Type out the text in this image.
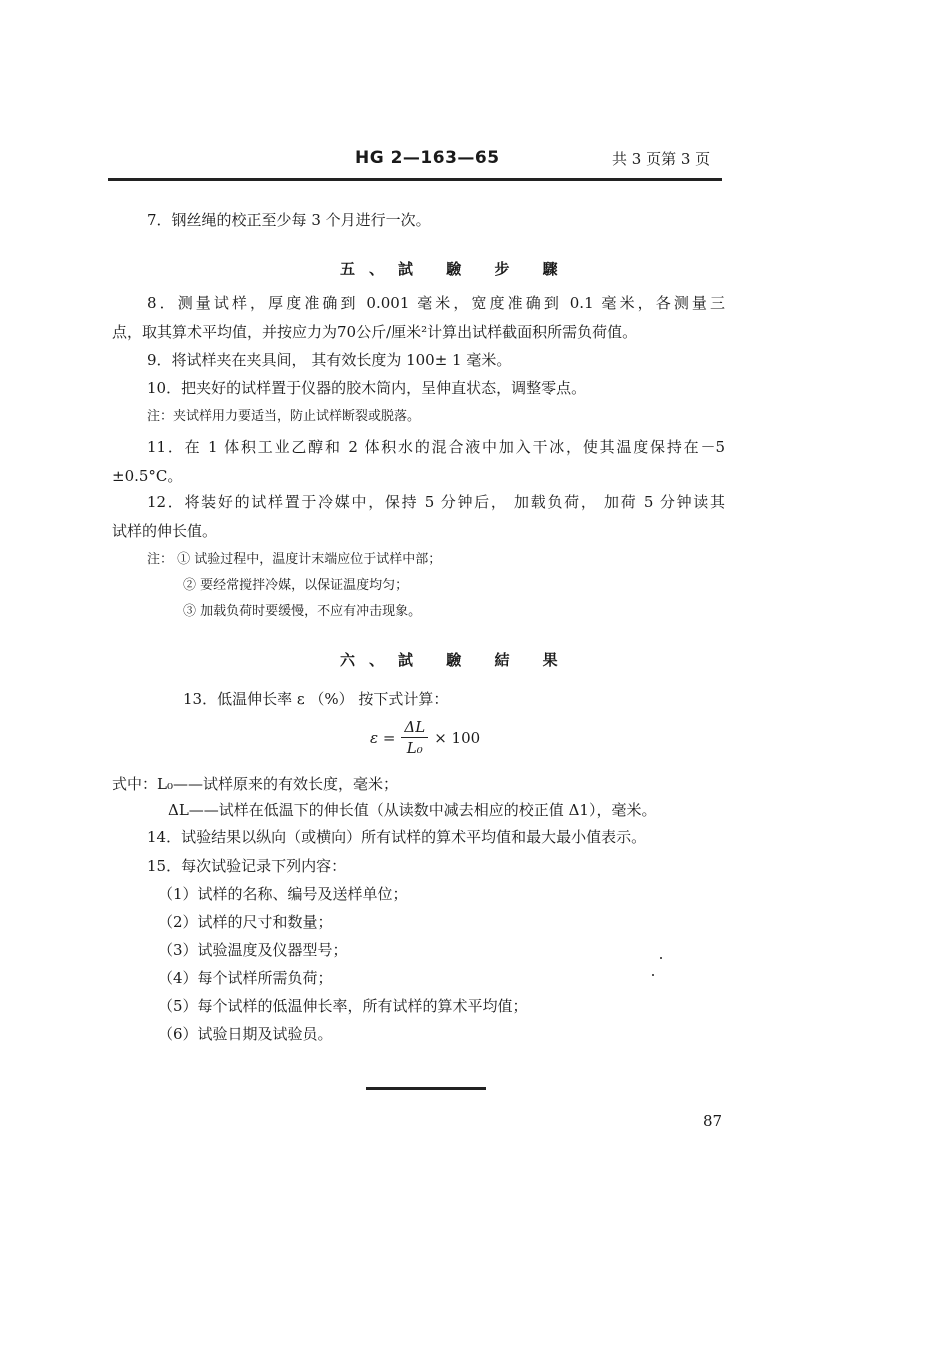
HG 2—163—65	共 3 页第 3 页
7．钢丝绳的校正至少每 3 个月进行一次。
五、試 驗 步 驟
8．测量试样，厚度准确到 0.001 毫米，宽度准确到 0.1 毫米，各测量三
点，取其算术平均值，并按应力为70公斤/厘米²计算出试样截面积所需负荷值。
9．将试样夹在夹具间， 其有效长度为 100± 1 毫米。
10．把夹好的试样置于仪器的胶木筒内，呈伸直状态，调整零点。
注：夹试样用力要适当，防止试样断裂或脱落。
11．在 1 体积工业乙醇和 2 体积水的混合液中加入干冰，使其温度保持在－5
±0.5°C。
12．将装好的试样置于冷媒中，保持 5 分钟后， 加载负荷， 加荷 5 分钟读其
试样的伸长值。
注： ① 试验过程中，温度计末端应位于试样中部；
② 要经常搅拌冷媒，以保证温度均匀；
③ 加载负荷时要缓慢，不应有冲击现象。
六、試 驗 結 果
13．低温伸长率 ε （%） 按下式计算：
$\varepsilon = \frac{\Delta L}{\text{L₀}} \times 100$
式中：L₀——试样原来的有效长度，毫米；
ΔL——试样在低温下的伸长值（从读数中减去相应的校正值 Δ1），毫米。
14．试验结果以纵向（或横向）所有试样的算术平均值和最大最小值表示。
15．每次试验记录下列内容：
（1）试样的名称、编号及送样单位；
（2）试样的尺寸和数量；
（3）试验温度及仪器型号；
（4）每个试样所需负荷；
（5）每个试样的低温伸长率，所有试样的算术平均值；
（6）试验日期及试验员。
87
